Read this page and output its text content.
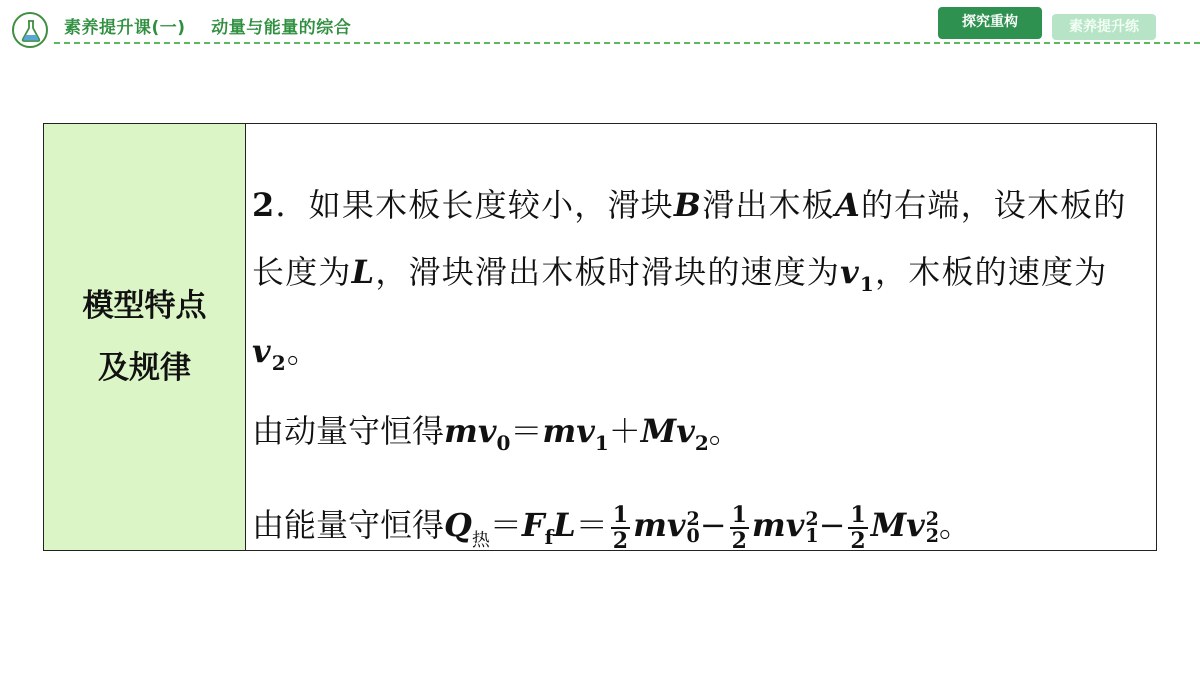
素养提升课(一)    动量与能量的综合	探究重构	素养提升练
模型特点
及规律
2．如果木板长度较小，滑块B滑出木板A的右端，设木板的长度为L，滑块滑出木板时滑块的速度为$v_1$，木板的速度为$v_2$。
由动量守恒得$mv_0=mv_1+Mv_2$。
由能量守恒得$Q_热=F_fL= \frac{1}{2}$ mv 2
$0 - \frac{1}{2}$ mv 2
$1 - \frac{1}{2}$ Mv 2
2 。
